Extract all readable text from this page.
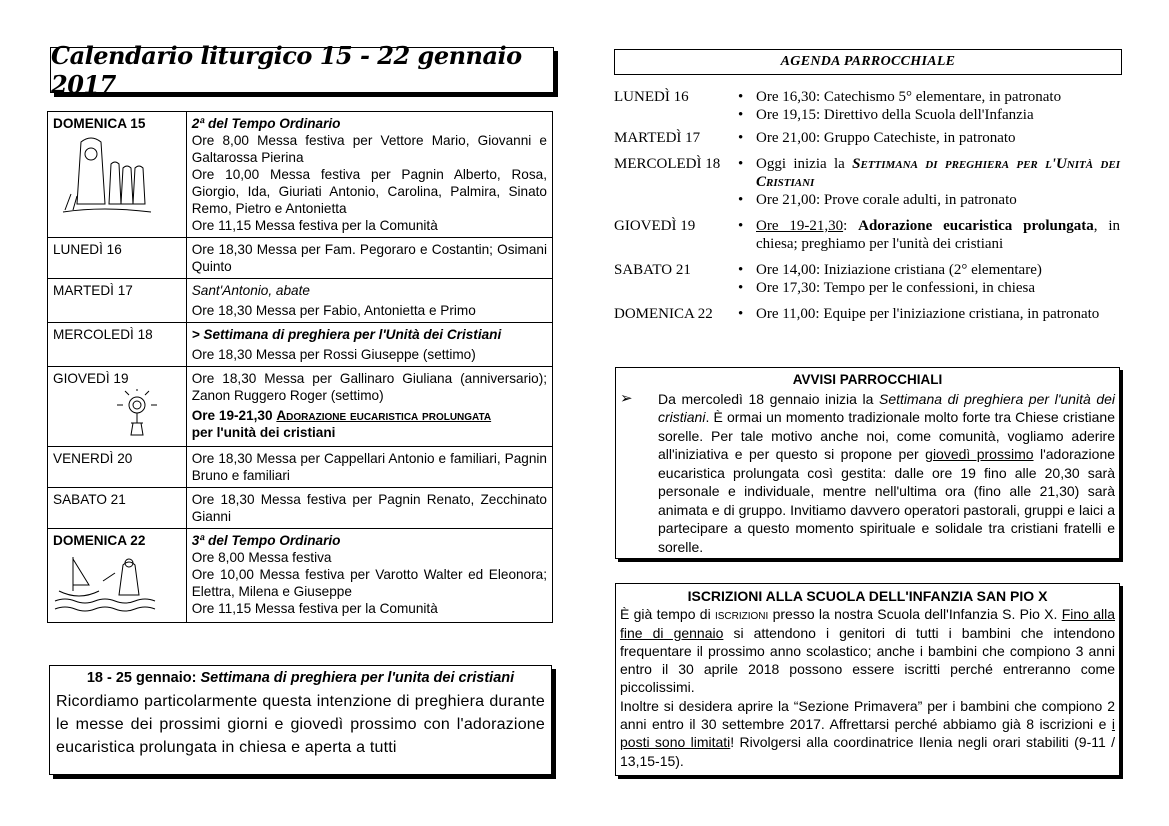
Calendario liturgico 15 - 22 gennaio 2017
DOMENICA 15	2ª del Tempo Ordinario
Ore 8,00 Messa festiva per Vettore Mario, Giovanni e Galtarossa Pierina
Ore 10,00 Messa festiva per Pagnin Alberto, Rosa, Giorgio, Ida, Giuriati Antonio, Carolina, Palmira, Sinato Remo, Pietro e Antonietta
Ore 11,15 Messa festiva per la Comunità

LUNEDÌ 16	Ore 18,30 Messa per Fam. Pegoraro e Costantin; Osimani Quinto

MARTEDÌ 17	Sant'Antonio, abate
Ore 18,30 Messa per Fabio, Antonietta e Primo

MERCOLEDÌ 18	> Settimana di preghiera per l'Unità dei Cristiani
Ore 18,30 Messa per Rossi Giuseppe (settimo)

GIOVEDÌ 19	Ore 18,30 Messa per Gallinaro Giuliana (anniversario); Zanon Ruggero Roger (settimo)
Ore 19-21,30 Adorazione eucaristica prolungata
per l'unità dei cristiani

VENERDÌ 20	Ore 18,30 Messa per Cappellari Antonio e familiari, Pagnin Bruno e familiari

SABATO 21	Ore 18,30 Messa festiva per Pagnin Renato, Zecchinato Gianni

DOMENICA 22	3ª del Tempo Ordinario
Ore 8,00 Messa festiva
Ore 10,00 Messa festiva per Varotto Walter ed Eleonora; Elettra, Milena e Giuseppe
Ore 11,15 Messa festiva per la Comunità
18 - 25 gennaio: Settimana di preghiera per l'unita dei cristiani
Ricordiamo particolarmente questa intenzione di preghiera durante le messe dei prossimi giorni e giovedì prossimo con l'adorazione eucaristica prolungata in chiesa e aperta a tutti
AGENDA PARROCCHIALE
LUNEDÌ 16	• Ore 16,30: Catechismo 5° elementare, in patronato
• Ore 19,15: Direttivo della Scuola dell'Infanzia
MARTEDÌ 17	• Ore 21,00: Gruppo Catechiste, in patronato
MERCOLEDÌ 18	• Oggi inizia la Settimana di preghiera per l'Unità dei Cristiani
• Ore 21,00: Prove corale adulti, in patronato
GIOVEDÌ 19	• Ore 19-21,30: Adorazione eucaristica prolungata, in chiesa; preghiamo per l'unità dei cristiani
SABATO 21	• Ore 14,00: Iniziazione cristiana (2° elementare)
• Ore 17,30: Tempo per le confessioni, in chiesa
DOMENICA 22	• Ore 11,00: Equipe per l'iniziazione cristiana, in patronato
AVVISI PARROCCHIALI
➢	Da mercoledì 18 gennaio inizia la Settimana di preghiera per l'unità dei cristiani. È ormai un momento tradizionale molto forte tra Chiese cristiane sorelle. Per tale motivo anche noi, come comunità, vogliamo aderire all'iniziativa e per questo si propone per giovedì prossimo l'adorazione eucaristica prolungata così gestita: dalle ore 19 fino alle 20,30 sarà personale e individuale, mentre nell'ultima ora (fino alle 21,30) sarà animata e di gruppo. Invitiamo davvero operatori pastorali, gruppi e laici a partecipare a questo momento spirituale e solidale tra cristiani fratelli e sorelle.
ISCRIZIONI ALLA SCUOLA DELL'INFANZIA SAN PIO X
È già tempo di iscrizioni presso la nostra Scuola dell'Infanzia S. Pio X. Fino alla fine di gennaio si attendono i genitori di tutti i bambini che intendono frequentare il prossimo anno scolastico; anche i bambini che compiono 3 anni entro il 30 aprile 2018 possono essere iscritti perché entreranno come piccolissimi.
Inoltre si desidera aprire la “Sezione Primavera” per i bambini che compiono 2 anni entro il 30 settembre 2017. Affrettarsi perché abbiamo già 8 iscrizioni e i posti sono limitati! Rivolgersi alla coordinatrice Ilenia negli orari stabiliti (9-11 / 13,15-15).
